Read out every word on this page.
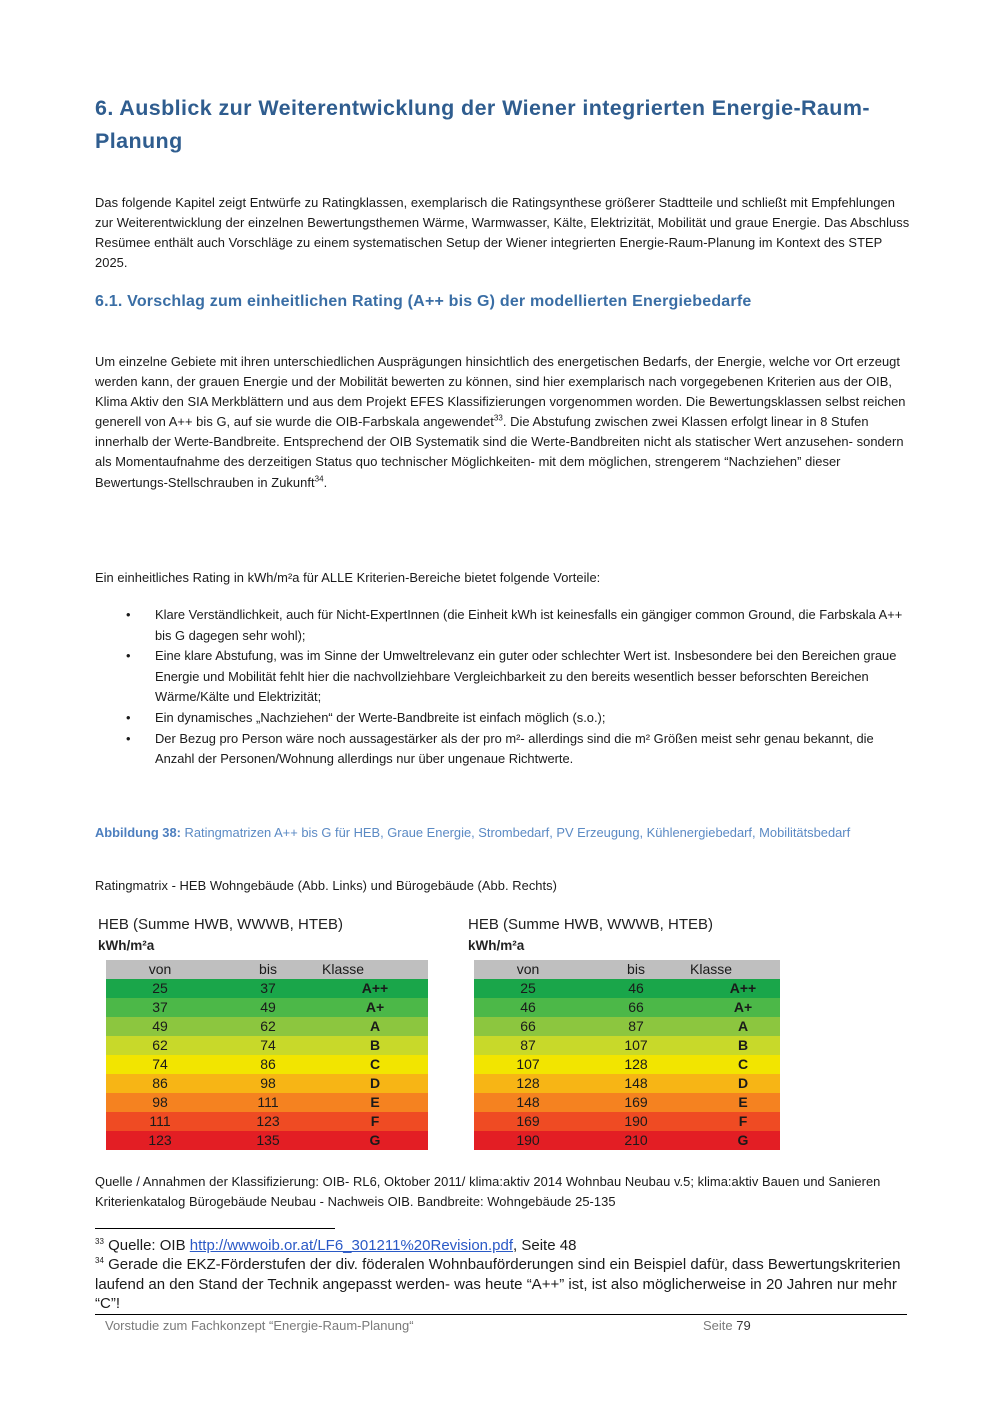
6. Ausblick zur Weiterentwicklung der Wiener integrierten Energie-Raum-Planung

Das folgende Kapitel zeigt Entwürfe zu Ratingklassen, exemplarisch die Ratingsynthese größerer Stadtteile und schließt mit Empfehlungen zur Weiterentwicklung der einzelnen Bewertungsthemen Wärme, Warmwasser, Kälte, Elektrizität, Mobilität und graue Energie. Das Abschluss Resümee enthält auch Vorschläge zu einem systematischen Setup der Wiener integrierten Energie-Raum-Planung im Kontext des STEP 2025.

6.1. Vorschlag zum einheitlichen Rating (A++ bis G) der modellierten Energiebedarfe

Um einzelne Gebiete mit ihren unterschiedlichen Ausprägungen hinsichtlich des energetischen Bedarfs, der Energie, welche vor Ort erzeugt werden kann, der grauen Energie und der Mobilität bewerten zu können, sind hier exemplarisch nach vorgegebenen Kriterien aus der OIB, Klima Aktiv den SIA Merkblättern und aus dem Projekt EFES Klassifizierungen vorgenommen worden. Die Bewertungsklassen selbst reichen generell von A++ bis G, auf sie wurde die OIB-Farbskala angewendet$^{33}$. Die Abstufung zwischen zwei Klassen erfolgt linear in 8 Stufen innerhalb der Werte-Bandbreite. Entsprechend der OIB Systematik sind die Werte-Bandbreiten nicht als statischer Wert anzusehen- sondern als Momentaufnahme des derzeitigen Status quo technischer Möglichkeiten- mit dem möglichen, strengerem “Nachziehen” dieser Bewertungs-Stellschrauben in Zukunft$^{34}$.

Ein einheitliches Rating in kWh/m²a für ALLE Kriterien-Bereiche bietet folgende Vorteile:

• Klare Verständlichkeit, auch für Nicht-ExpertInnen (die Einheit kWh ist keinesfalls ein gängiger common Ground, die Farbskala A++ bis G dagegen sehr wohl);
• Eine klare Abstufung, was im Sinne der Umweltrelevanz ein guter oder schlechter Wert ist. Insbesondere bei den Bereichen graue Energie und Mobilität fehlt hier die nachvollziehbare Vergleichbarkeit zu den bereits wesentlich besser beforschten Bereichen Wärme/Kälte und Elektrizität;
• Ein dynamisches „Nachziehen“ der Werte-Bandbreite ist einfach möglich (s.o.);
• Der Bezug pro Person wäre noch aussagestärker als der pro m²- allerdings sind die m² Größen meist sehr genau bekannt, die Anzahl der Personen/Wohnung allerdings nur über ungenaue Richtwerte.

Abbildung 38: Ratingmatrizen A++ bis G für HEB, Graue Energie, Strombedarf, PV Erzeugung, Kühlenergiebedarf, Mobilitätsbedarf

Ratingmatrix - HEB Wohngebäude (Abb. Links) und Bürogebäude (Abb. Rechts)

HEB (Summe HWB, WWWB, HTEB)
kWh/m²a
von	bis	Klasse
25	37	A++
37	49	A+
49	62	A
62	74	B
74	86	C
86	98	D
98	111	E
111	123	F
123	135	G
HEB (Summe HWB, WWWB, HTEB)
kWh/m²a
von	bis	Klasse
25	46	A++
46	66	A+
66	87	A
87	107	B
107	128	C
128	148	D
148	169	E
169	190	F
190	210	G

Quelle / Annahmen der Klassifizierung: OIB- RL6, Oktober 2011/ klima:aktiv 2014 Wohnbau Neubau v.5; klima:aktiv Bauen und Sanieren Kriterienkatalog Bürogebäude Neubau - Nachweis OIB. Bandbreite: Wohngebäude 25-135

$^{33}$ Quelle: OIB http://wwwoib.or.at/LF6_301211%20Revision.pdf, Seite 48

$^{34}$ Gerade die EKZ-Förderstufen der div. föderalen Wohnbauförderungen sind ein Beispiel dafür, dass Bewertungskriterien laufend an den Stand der Technik angepasst werden- was heute “A++” ist, ist also möglicherweise in 20 Jahren nur mehr “C”!

Vorstudie zum Fachkonzept “Energie-Raum-Planung“	Seite 79
